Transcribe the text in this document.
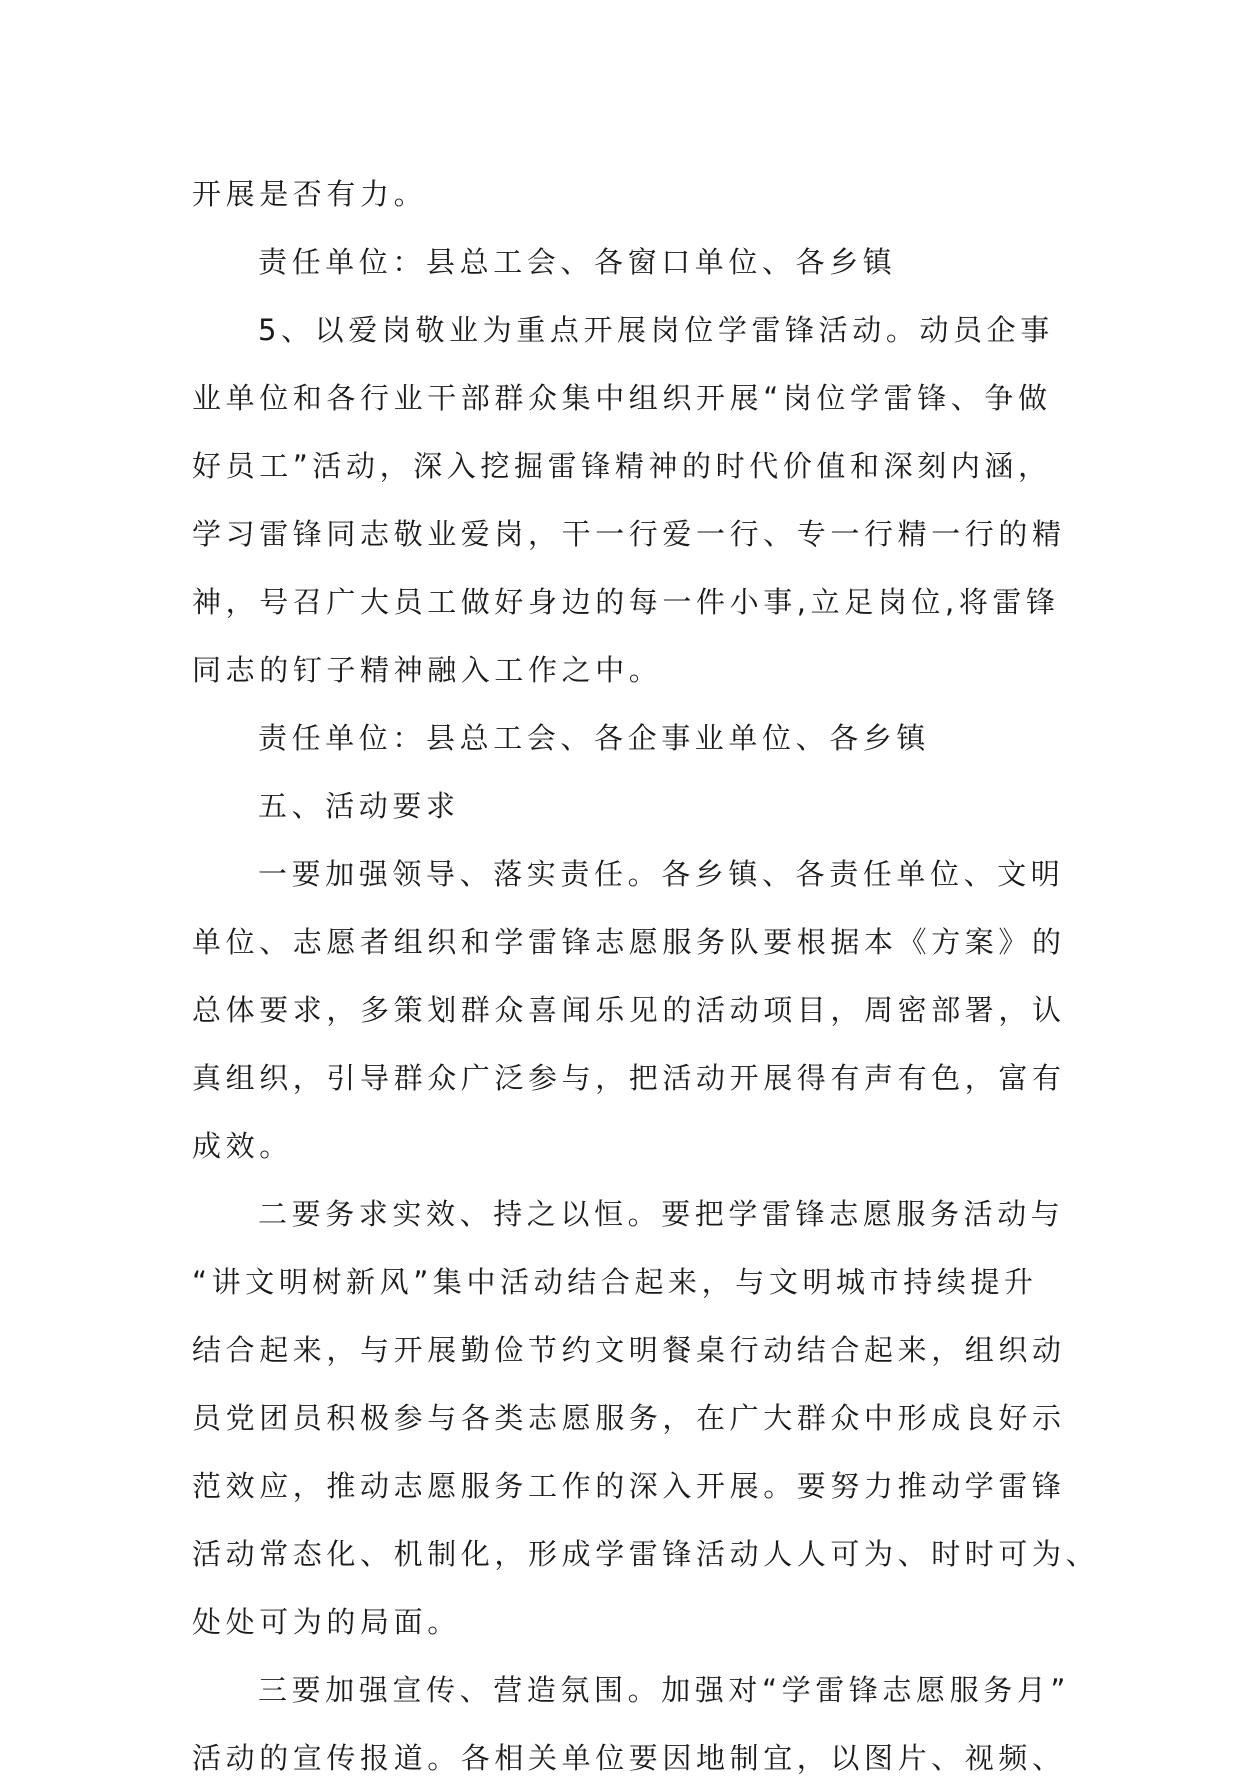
开展是否有力。
责任单位：县总工会、各窗口单位、各乡镇
5、以爱岗敬业为重点开展岗位学雷锋活动。动员企事
业单位和各行业干部群众集中组织开展“岗位学雷锋、争做
好员工”活动，深入挖掘雷锋精神的时代价值和深刻内涵，
学习雷锋同志敬业爱岗，干一行爱一行、专一行精一行的精
神，号召广大员工做好身边的每一件小事,立足岗位,将雷锋
同志的钉子精神融入工作之中。
责任单位：县总工会、各企事业单位、各乡镇
五、活动要求
一要加强领导、落实责任。各乡镇、各责任单位、文明
单位、志愿者组织和学雷锋志愿服务队要根据本《方案》的
总体要求，多策划群众喜闻乐见的活动项目，周密部署，认
真组织，引导群众广泛参与，把活动开展得有声有色，富有
成效。
二要务求实效、持之以恒。要把学雷锋志愿服务活动与
“讲文明树新风”集中活动结合起来，与文明城市持续提升
结合起来，与开展勤俭节约文明餐桌行动结合起来，组织动
员党团员积极参与各类志愿服务，在广大群众中形成良好示
范效应，推动志愿服务工作的深入开展。要努力推动学雷锋
活动常态化、机制化，形成学雷锋活动人人可为、时时可为、
处处可为的局面。
三要加强宣传、营造氛围。加强对“学雷锋志愿服务月”
活动的宣传报道。各相关单位要因地制宜，以图片、视频、
